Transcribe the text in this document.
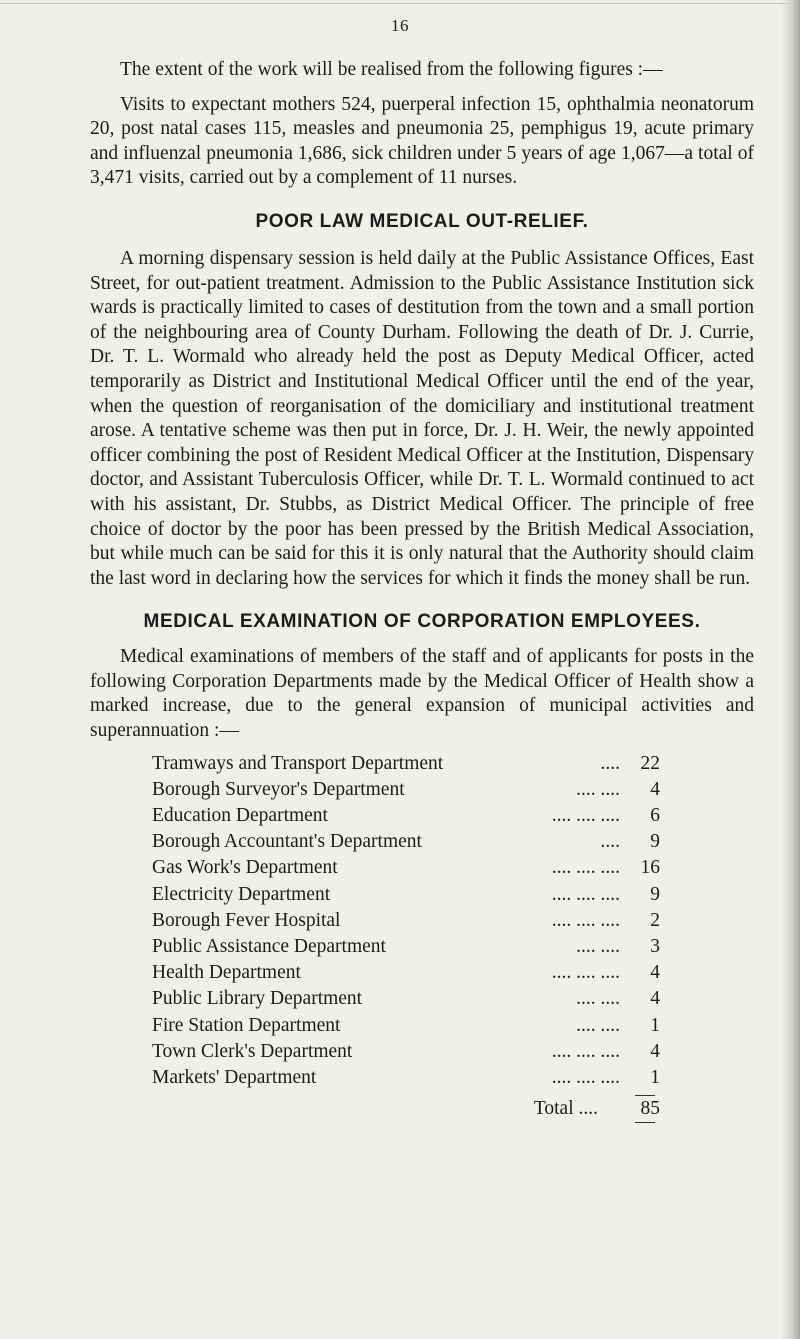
16

The extent of the work will be realised from the following figures :—

Visits to expectant mothers 524, puerperal infection 15, ophthalmia neonatorum 20, post natal cases 115, measles and pneumonia 25, pemphigus 19, acute primary and influenzal pneumonia 1,686, sick children under 5 years of age 1,067—a total of 3,471 visits, carried out by a complement of 11 nurses.

POOR LAW MEDICAL OUT-RELIEF.

A morning dispensary session is held daily at the Public Assistance Offices, East Street, for out-patient treatment. Admission to the Public Assistance Institution sick wards is practically limited to cases of destitution from the town and a small portion of the neighbouring area of County Durham. Following the death of Dr. J. Currie, Dr. T. L. Wormald who already held the post as Deputy Medical Officer, acted temporarily as District and Institutional Medical Officer until the end of the year, when the question of reorganisation of the domiciliary and institutional treatment arose. A tentative scheme was then put in force, Dr. J. H. Weir, the newly appointed officer combining the post of Resident Medical Officer at the Institution, Dispensary doctor, and Assistant Tuberculosis Officer, while Dr. T. L. Wormald continued to act with his assistant, Dr. Stubbs, as District Medical Officer. The principle of free choice of doctor by the poor has been pressed by the British Medical Association, but while much can be said for this it is only natural that the Authority should claim the last word in declaring how the services for which it finds the money shall be run.

MEDICAL EXAMINATION OF CORPORATION EMPLOYEES.

Medical examinations of members of the staff and of applicants for posts in the following Corporation Departments made by the Medical Officer of Health show a marked increase, due to the general expansion of municipal activities and superannuation :—

Tramways and Transport Department	....	22
Borough Surveyor's Department	.... ....	4
Education Department	.... .... ....	6
Borough Accountant's Department	....	9
Gas Work's Department	.... .... ....	16
Electricity Department	.... .... ....	9
Borough Fever Hospital	.... .... ....	2
Public Assistance Department	.... ....	3
Health Department	.... .... ....	4
Public Library Department	.... ....	4
Fire Station Department	.... ....	1
Town Clerk's Department	.... .... ....	4
Markets' Department	.... .... ....	1
Total ....	85
